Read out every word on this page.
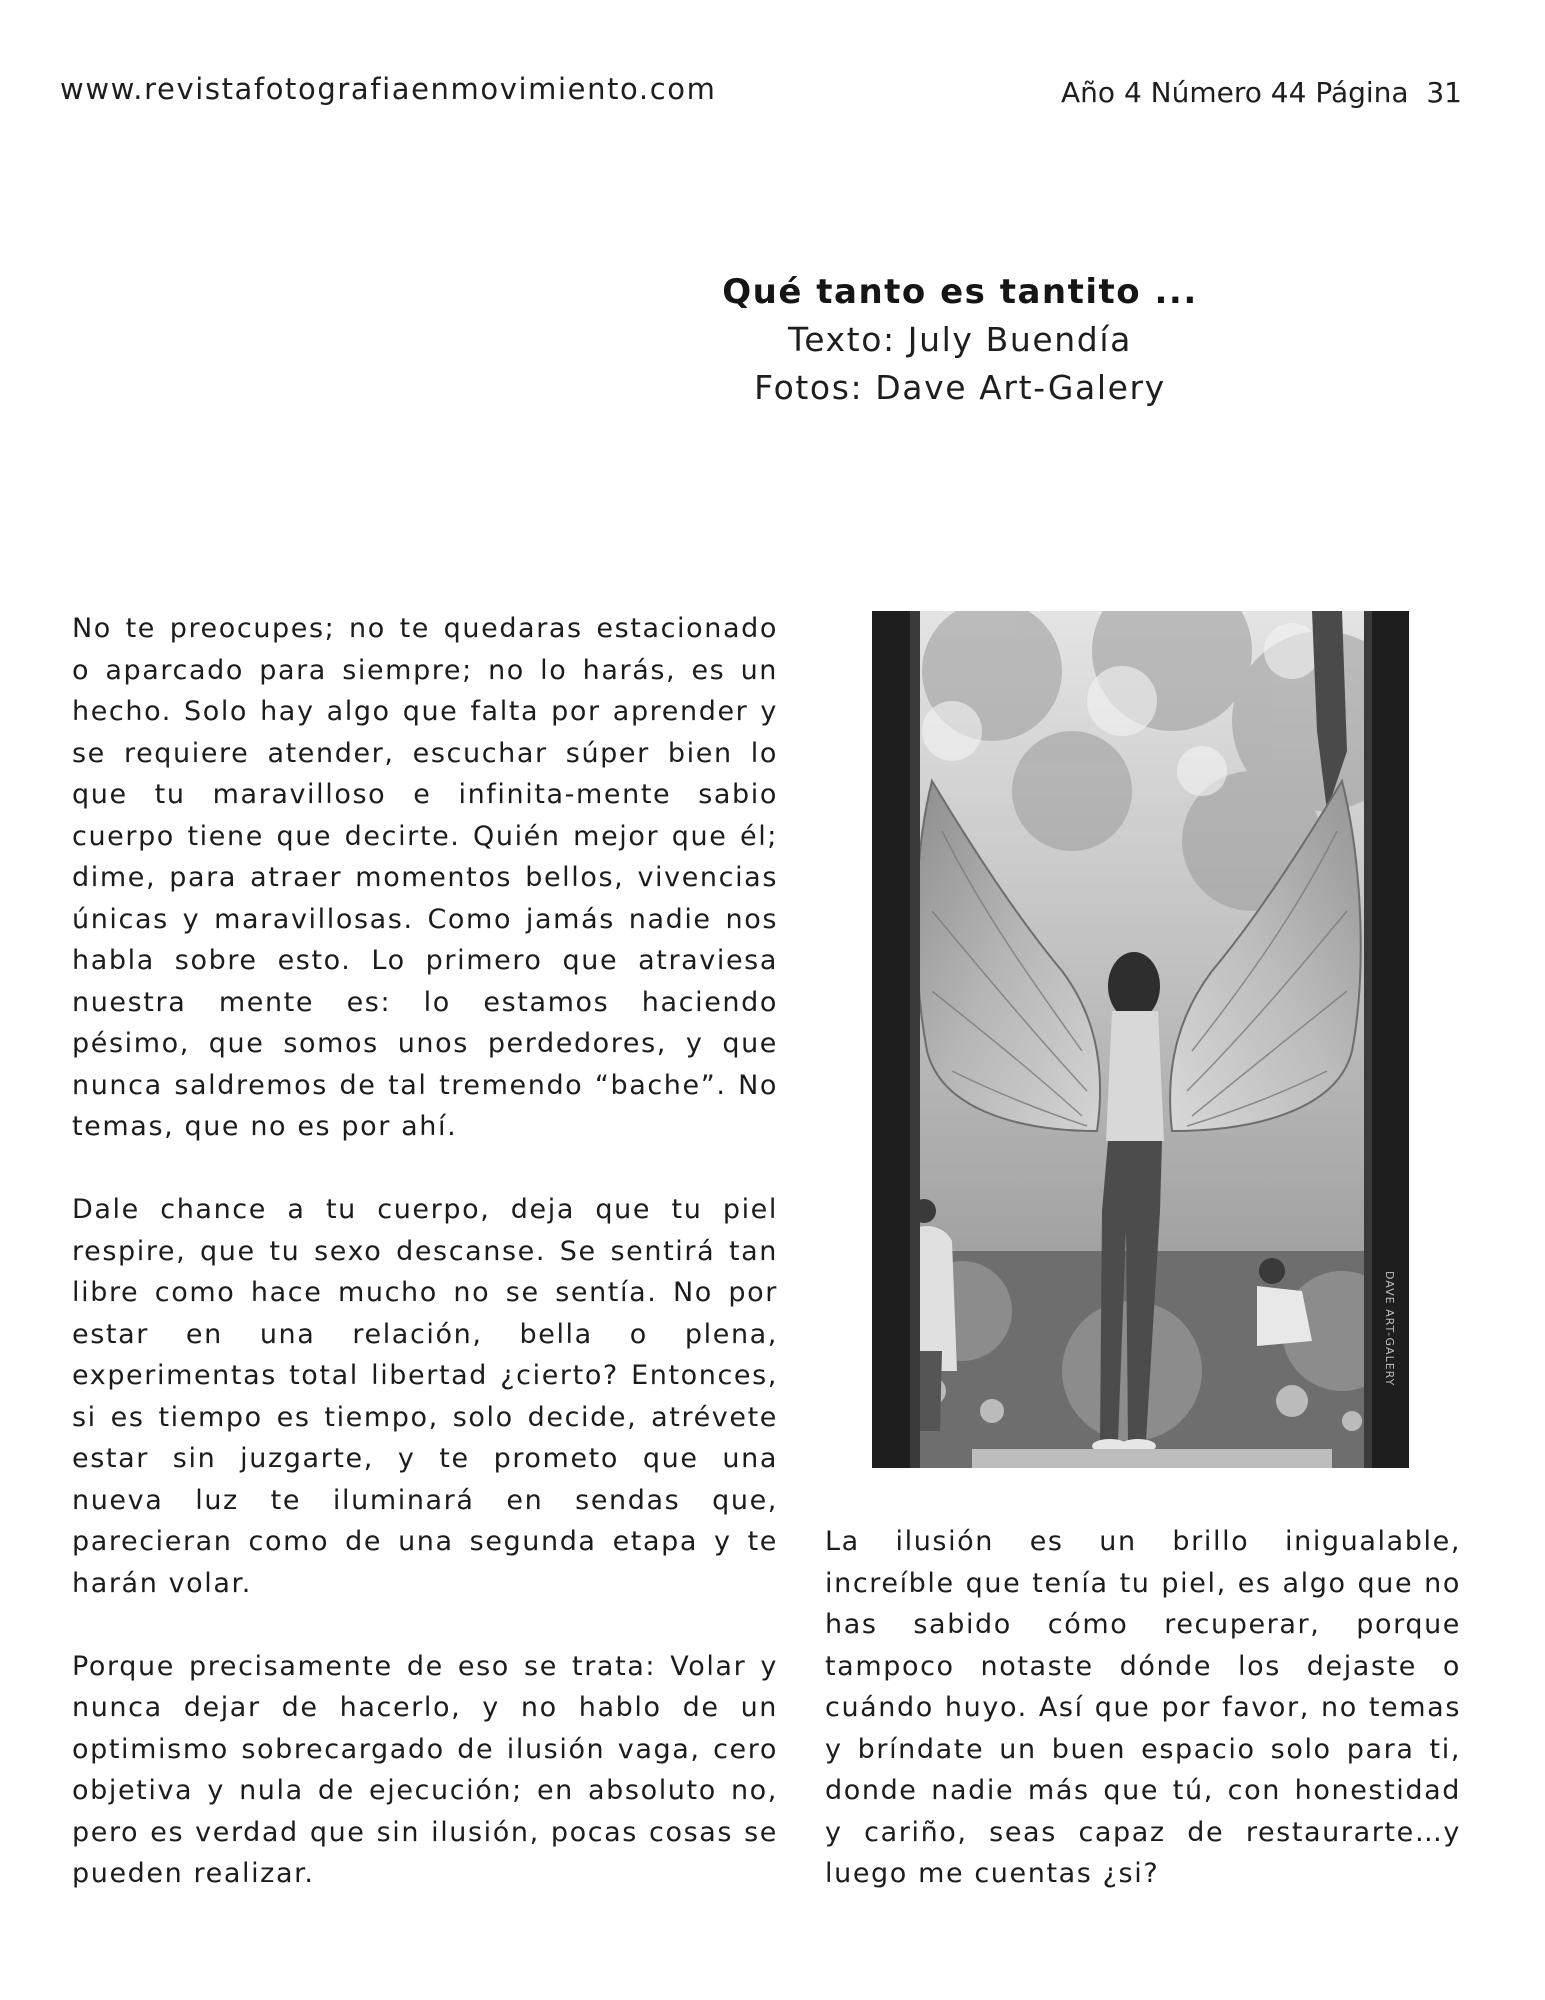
www.revistafotografiaenmovimiento.com	Año 4 Número 44 Página  31
Qué tanto es tantito ...
Texto: July Buendía
Fotos: Dave Art-Galery

No te preocupes; no te quedaras estacionado o aparcado para siempre; no lo harás, es un hecho. Solo hay algo que falta por aprender y se requiere atender, escuchar súper bien lo que tu maravilloso e infinita-mente sabio cuerpo tiene que decirte. Quién mejor que él; dime, para atraer momentos bellos, vivencias únicas y maravillosas. Como jamás nadie nos habla sobre esto. Lo primero que atraviesa nuestra mente es: lo estamos haciendo pésimo, que somos unos perdedores, y que nunca saldremos de tal tremendo “bache”. No temas, que no es por ahí.

Dale chance a tu cuerpo, deja que tu piel respire, que tu sexo descanse. Se sentirá tan libre como hace mucho no se sentía. No por estar en una relación, bella o plena, experimentas total libertad ¿cierto? Entonces, si es tiempo es tiempo, solo decide, atrévete estar sin juzgarte, y te prometo que una nueva luz te iluminará en sendas que, parecieran como de una segunda etapa y te harán volar.

Porque precisamente de eso se trata: Volar y nunca dejar de hacerlo, y no hablo de un optimismo sobrecargado de ilusión vaga, cero objetiva y nula de ejecución; en absoluto no, pero es verdad que sin ilusión, pocas cosas se pueden realizar.

DAVE ART-GALERY

La ilusión es un brillo inigualable, increíble que tenía tu piel, es algo que no has sabido cómo recuperar, porque tampoco notaste dónde los dejaste o cuándo huyo. Así que por favor, no temas y bríndate un buen espacio solo para ti, donde nadie más que tú, con honestidad y cariño, seas capaz de restaurarte…y luego me cuentas ¿si?
